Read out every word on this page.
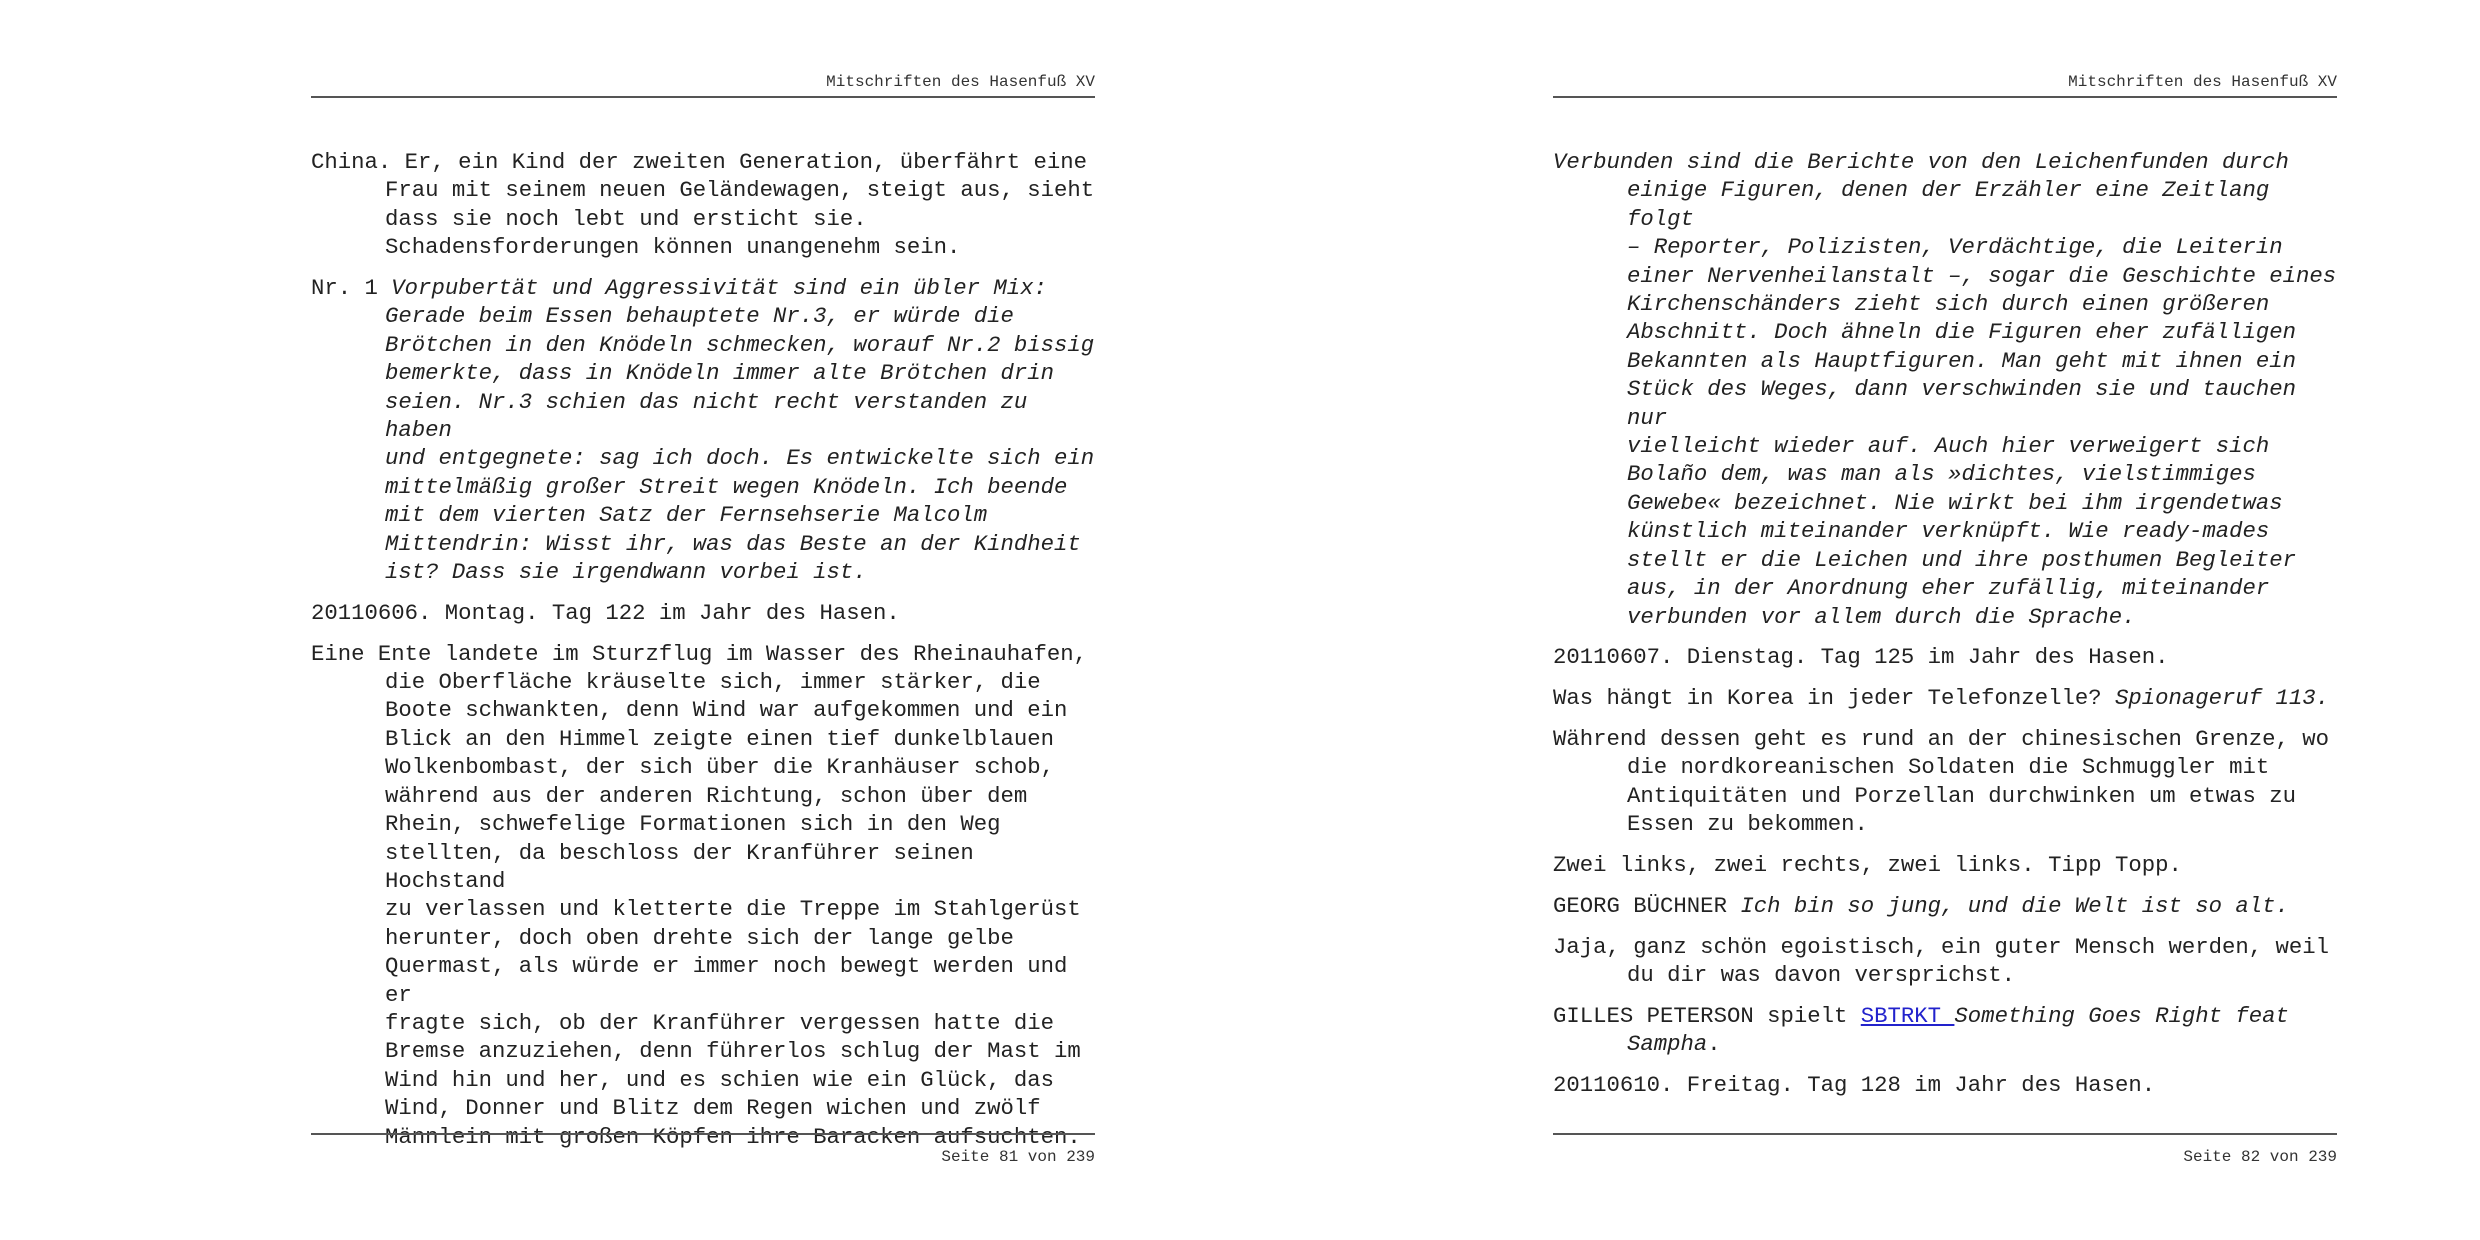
Mitschriften des Hasenfuß XV

China. Er, ein Kind der zweiten Generation, überfährt eine
Frau mit seinem neuen Geländewagen, steigt aus, sieht
dass sie noch lebt und ersticht sie.
Schadensforderungen können unangenehm sein.

Nr. 1 Vorpubertät und Aggressivität sind ein übler Mix:
Gerade beim Essen behauptete Nr.3, er würde die
Brötchen in den Knödeln schmecken, worauf Nr.2 bissig
bemerkte, dass in Knödeln immer alte Brötchen drin
seien. Nr.3 schien das nicht recht verstanden zu haben
und entgegnete: sag ich doch. Es entwickelte sich ein
mittelmäßig großer Streit wegen Knödeln. Ich beende
mit dem vierten Satz der Fernsehserie Malcolm
Mittendrin: Wisst ihr, was das Beste an der Kindheit
ist? Dass sie irgendwann vorbei ist.

20110606. Montag. Tag 122 im Jahr des Hasen.

Eine Ente landete im Sturzflug im Wasser des Rheinauhafen,
die Oberfläche kräuselte sich, immer stärker, die
Boote schwankten, denn Wind war aufgekommen und ein
Blick an den Himmel zeigte einen tief dunkelblauen
Wolkenbombast, der sich über die Kranhäuser schob,
während aus der anderen Richtung, schon über dem
Rhein, schwefelige Formationen sich in den Weg
stellten, da beschloss der Kranführer seinen Hochstand
zu verlassen und kletterte die Treppe im Stahlgerüst
herunter, doch oben drehte sich der lange gelbe
Quermast, als würde er immer noch bewegt werden und er
fragte sich, ob der Kranführer vergessen hatte die
Bremse anzuziehen, denn führerlos schlug der Mast im
Wind hin und her, und es schien wie ein Glück, das
Wind, Donner und Blitz dem Regen wichen und zwölf
Männlein mit großen Köpfen ihre Baracken aufsuchten.

Seite 81 von 239
Mitschriften des Hasenfuß XV

Verbunden sind die Berichte von den Leichenfunden durch
einige Figuren, denen der Erzähler eine Zeitlang folgt
– Reporter, Polizisten, Verdächtige, die Leiterin
einer Nervenheilanstalt –, sogar die Geschichte eines
Kirchenschänders zieht sich durch einen größeren
Abschnitt. Doch ähneln die Figuren eher zufälligen
Bekannten als Hauptfiguren. Man geht mit ihnen ein
Stück des Weges, dann verschwinden sie und tauchen nur
vielleicht wieder auf. Auch hier verweigert sich
Bolaño dem, was man als »dichtes, vielstimmiges
Gewebe« bezeichnet. Nie wirkt bei ihm irgendetwas
künstlich miteinander verknüpft. Wie ready-mades
stellt er die Leichen und ihre posthumen Begleiter
aus, in der Anordnung eher zufällig, miteinander
verbunden vor allem durch die Sprache.

20110607. Dienstag. Tag 125 im Jahr des Hasen.

Was hängt in Korea in jeder Telefonzelle? Spionageruf 113.

Während dessen geht es rund an der chinesischen Grenze, wo
die nordkoreanischen Soldaten die Schmuggler mit
Antiquitäten und Porzellan durchwinken um etwas zu
Essen zu bekommen.

Zwei links, zwei rechts, zwei links. Tipp Topp.

GEORG BÜCHNER Ich bin so jung, und die Welt ist so alt.

Jaja, ganz schön egoistisch, ein guter Mensch werden, weil
du dir was davon versprichst.

GILLES PETERSON spielt SBTRKT Something Goes Right feat
Sampha.

20110610. Freitag. Tag 128 im Jahr des Hasen.

Seite 82 von 239
